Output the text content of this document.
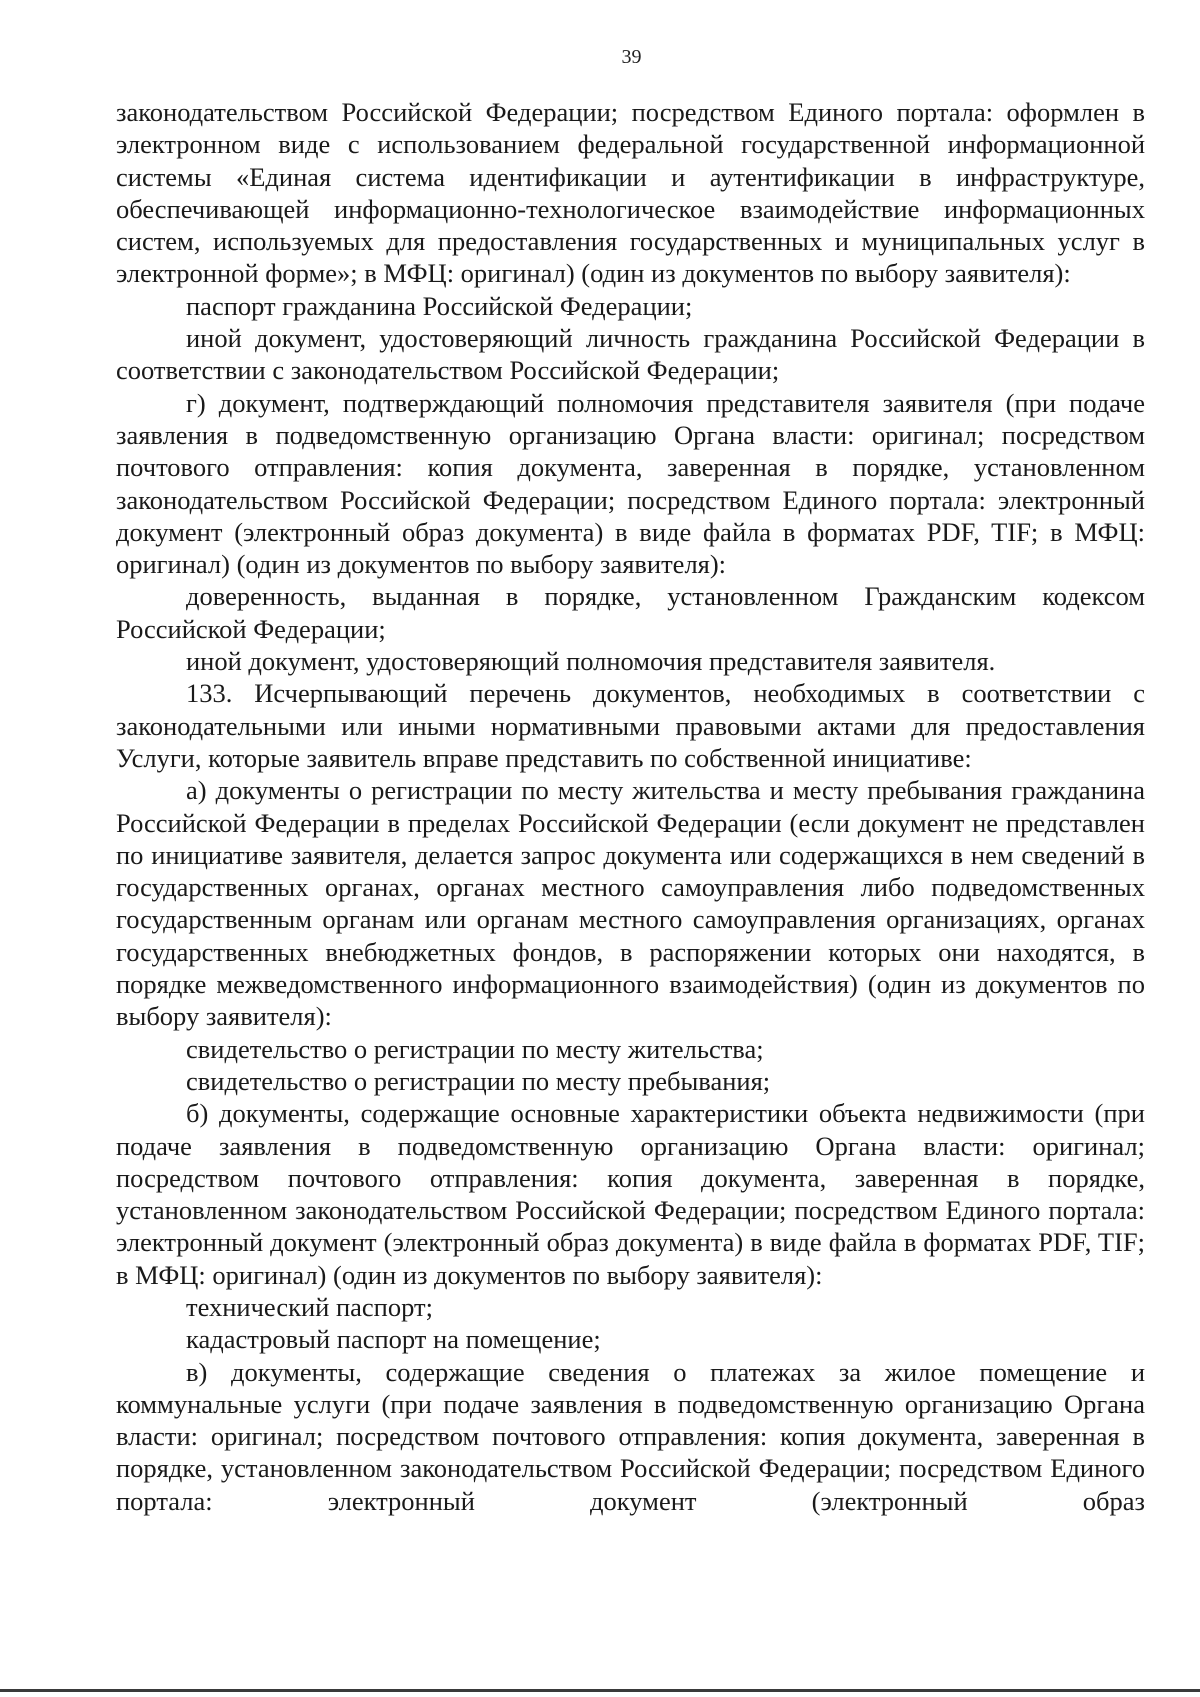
39

законодательством Российской Федерации; посредством Единого портала: оформлен в электронном виде с использованием федеральной государственной информационной системы «Единая система идентификации и аутентификации в инфраструктуре, обеспечивающей информационно-технологическое взаимодействие информационных систем, используемых для предоставления государственных и муниципальных услуг в электронной форме»; в МФЦ: оригинал) (один из документов по выбору заявителя):

паспорт гражданина Российской Федерации;

иной документ, удостоверяющий личность гражданина Российской Федерации в соответствии с законодательством Российской Федерации;

г) документ, подтверждающий полномочия представителя заявителя (при подаче заявления в подведомственную организацию Органа власти: оригинал; посредством почтового отправления: копия документа, заверенная в порядке, установленном законодательством Российской Федерации; посредством Единого портала: электронный документ (электронный образ документа) в виде файла в форматах PDF, TIF; в МФЦ: оригинал) (один из документов по выбору заявителя):

доверенность, выданная в порядке, установленном Гражданским кодексом Российской Федерации;

иной документ, удостоверяющий полномочия представителя заявителя.

133. Исчерпывающий перечень документов, необходимых в соответствии с законодательными или иными нормативными правовыми актами для предоставления Услуги, которые заявитель вправе представить по собственной инициативе:

а) документы о регистрации по месту жительства и месту пребывания гражданина Российской Федерации в пределах Российской Федерации (если документ не представлен по инициативе заявителя, делается запрос документа или содержащихся в нем сведений в государственных органах, органах местного самоуправления либо подведомственных государственным органам или органам местного самоуправления организациях, органах государственных внебюджетных фондов, в распоряжении которых они находятся, в порядке межведомственного информационного взаимодействия) (один из документов по выбору заявителя):

свидетельство о регистрации по месту жительства;

свидетельство о регистрации по месту пребывания;

б) документы, содержащие основные характеристики объекта недвижимости (при подаче заявления в подведомственную организацию Органа власти: оригинал; посредством почтового отправления: копия документа, заверенная в порядке, установленном законодательством Российской Федерации; посредством Единого портала: электронный документ (электронный образ документа) в виде файла в форматах PDF, TIF; в МФЦ: оригинал) (один из документов по выбору заявителя):

технический паспорт;

кадастровый паспорт на помещение;

в) документы, содержащие сведения о платежах за жилое помещение и коммунальные услуги (при подаче заявления в подведомственную организацию Органа власти: оригинал; посредством почтового отправления: копия документа, заверенная в порядке, установленном законодательством Российской Федерации; посредством Единого портала: электронный документ (электронный образ
